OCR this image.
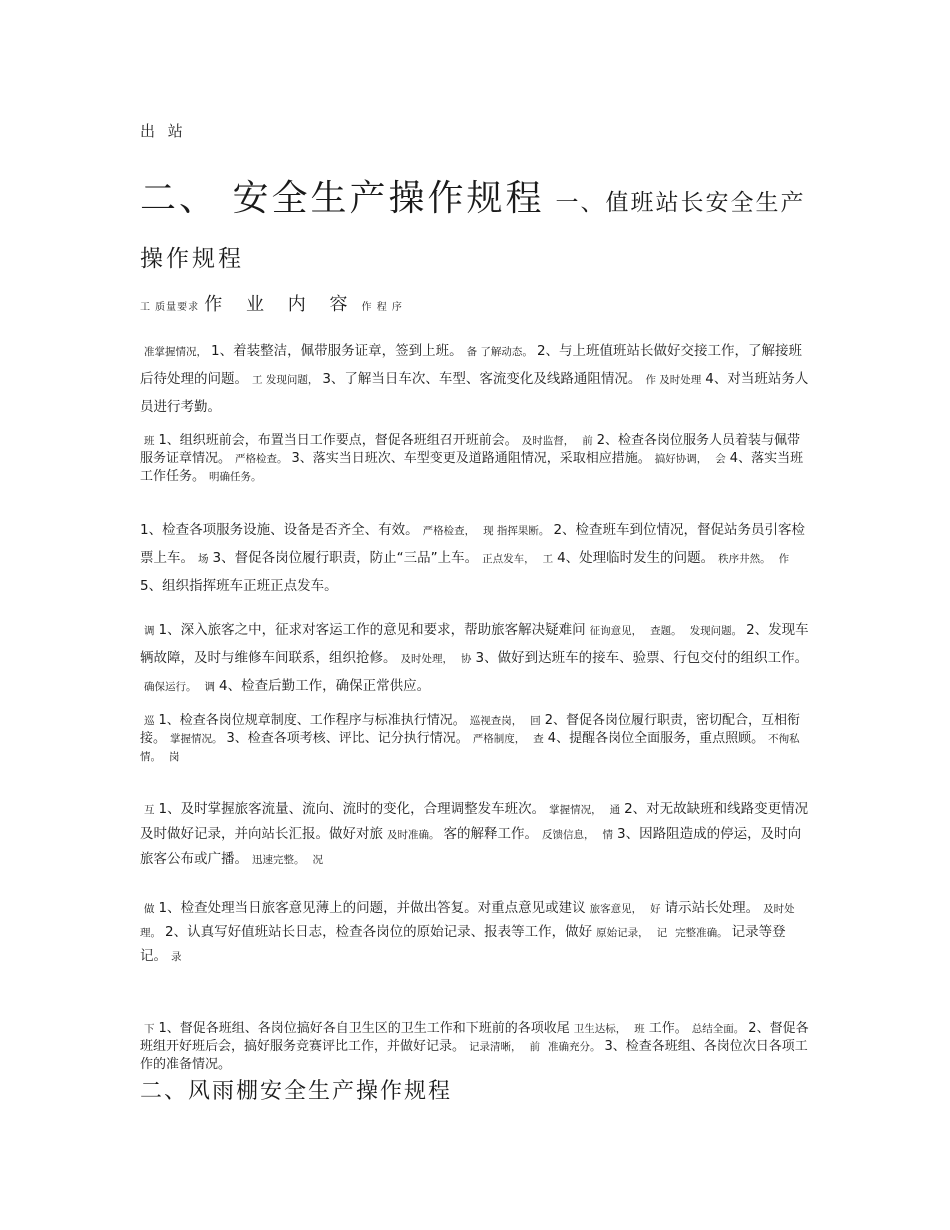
出 站
二、 安全生产操作规程 一、值班站长安全生产
操作规程
工 质量要求 作 业 内 容 作 程 序
准掌握情况， 1、着装整洁，佩带服务证章，签到上班。 备 了解动态。 2、与上班值班站长做好交接工作，了解接班后待处理的问题。 工 发现问题， 3、了解当日车次、车型、客流变化及线路通阻情况。 作 及时处理 4、对当班站务人员进行考勤。
班 1、组织班前会，布置当日工作要点，督促各班组召开班前会。 及时监督， 前 2、检查各岗位服务人员着装与佩带服务证章情况。 严格检查。 3、落实当日班次、车型变更及道路通阻情况，采取相应措施。 搞好协调， 会 4、落实当班工作任务。 明确任务。
1、检查各项服务设施、设备是否齐全、有效。 严格检查， 现 指挥果断。 2、检查班车到位情况，督促站务员引客检票上车。 场 3、督促各岗位履行职责，防止“三品”上车。 正点发车， 工 4、处理临时发生的问题。 秩序井然。 作5、组织指挥班车正班正点发车。
调 1、深入旅客之中，征求对客运工作的意见和要求，帮助旅客解决疑难问 征询意见， 查题。 发现问题。 2、发现车辆故障，及时与维修车间联系，组织抢修。 及时处理， 协 3、做好到达班车的接车、验票、行包交付的组织工作。确保运行。 调 4、检查后勤工作，确保正常供应。
巡 1、检查各岗位规章制度、工作程序与标准执行情况。 巡视查岗， 回 2、督促各岗位履行职责，密切配合，互相衔接。 掌握情况。 3、检查各项考核、评比、记分执行情况。 严格制度， 查 4、提醒各岗位全面服务，重点照顾。 不徇私情。 岗
互 1、及时掌握旅客流量、流向、流时的变化，合理调整发车班次。 掌握情况， 通 2、对无故缺班和线路变更情况及时做好记录，并向站长汇报。做好对旅 及时准确。 客的解释工作。 反馈信息， 情 3、因路阻造成的停运，及时向旅客公布或广播。 迅速完整。 况
做 1、检查处理当日旅客意见薄上的问题，并做出答复。对重点意见或建议 旅客意见， 好 请示站长处理。 及时处理。 2、认真写好值班站长日志，检查各岗位的原始记录、报表等工作，做好 原始记录， 记 完整准确。 记录等登记。 录
下 1、督促各班组、各岗位搞好各自卫生区的卫生工作和下班前的各项收尾 卫生达标， 班 工作。 总结全面。 2、督促各班组开好班后会，搞好服务竞赛评比工作，并做好记录。 记录清晰， 前 准确充分。 3、检查各班组、各岗位次日各项工作的准备情况。
二、风雨棚安全生产操作规程
